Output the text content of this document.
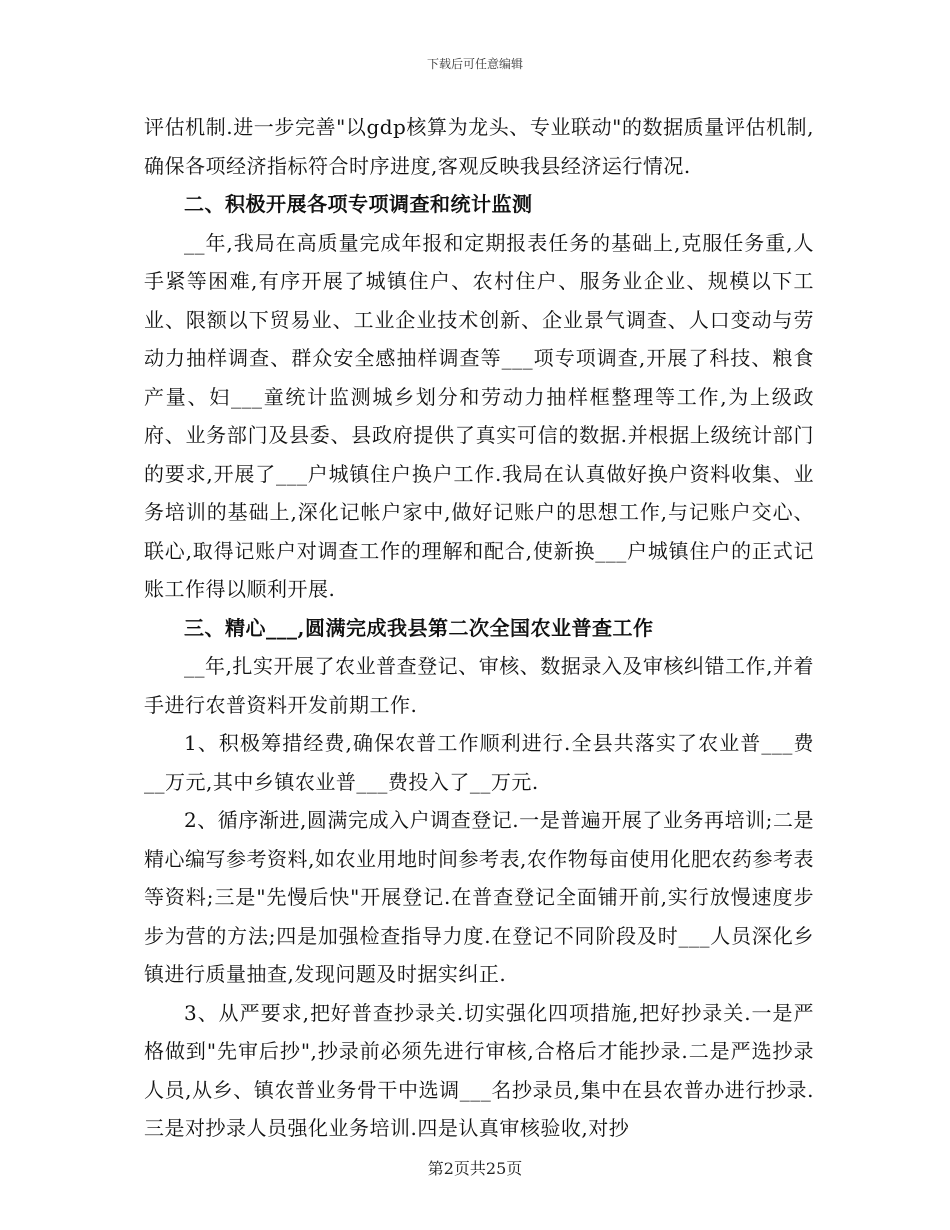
下载后可任意编辑

评估机制.进一步完善"以gdp核算为龙头、专业联动"的数据质量评估机制,确保各项经济指标符合时序进度,客观反映我县经济运行情况.

二、积极开展各项专项调查和统计监测

__年,我局在高质量完成年报和定期报表任务的基础上,克服任务重,人手紧等困难,有序开展了城镇住户、农村住户、服务业企业、规模以下工业、限额以下贸易业、工业企业技术创新、企业景气调查、人口变动与劳动力抽样调查、群众安全感抽样调查等___项专项调查,开展了科技、粮食产量、妇___童统计监测城乡划分和劳动力抽样框整理等工作,为上级政府、业务部门及县委、县政府提供了真实可信的数据.并根据上级统计部门的要求,开展了___户城镇住户换户工作.我局在认真做好换户资料收集、业务培训的基础上,深化记帐户家中,做好记账户的思想工作,与记账户交心、联心,取得记账户对调查工作的理解和配合,使新换___户城镇住户的正式记账工作得以顺利开展.

三、精心___,圆满完成我县第二次全国农业普查工作

__年,扎实开展了农业普查登记、审核、数据录入及审核纠错工作,并着手进行农普资料开发前期工作.

1、积极筹措经费,确保农普工作顺利进行.全县共落实了农业普___费__万元,其中乡镇农业普___费投入了__万元.

2、循序渐进,圆满完成入户调查登记.一是普遍开展了业务再培训;二是精心编写参考资料,如农业用地时间参考表,农作物每亩使用化肥农药参考表等资料;三是"先慢后快"开展登记.在普查登记全面铺开前,实行放慢速度步步为营的方法;四是加强检查指导力度.在登记不同阶段及时___人员深化乡镇进行质量抽查,发现问题及时据实纠正.

3、从严要求,把好普查抄录关.切实强化四项措施,把好抄录关.一是严格做到"先审后抄",抄录前必须先进行审核,合格后才能抄录.二是严选抄录人员,从乡、镇农普业务骨干中选调___名抄录员,集中在县农普办进行抄录.三是对抄录人员强化业务培训.四是认真审核验收,对抄

第2页共25页
